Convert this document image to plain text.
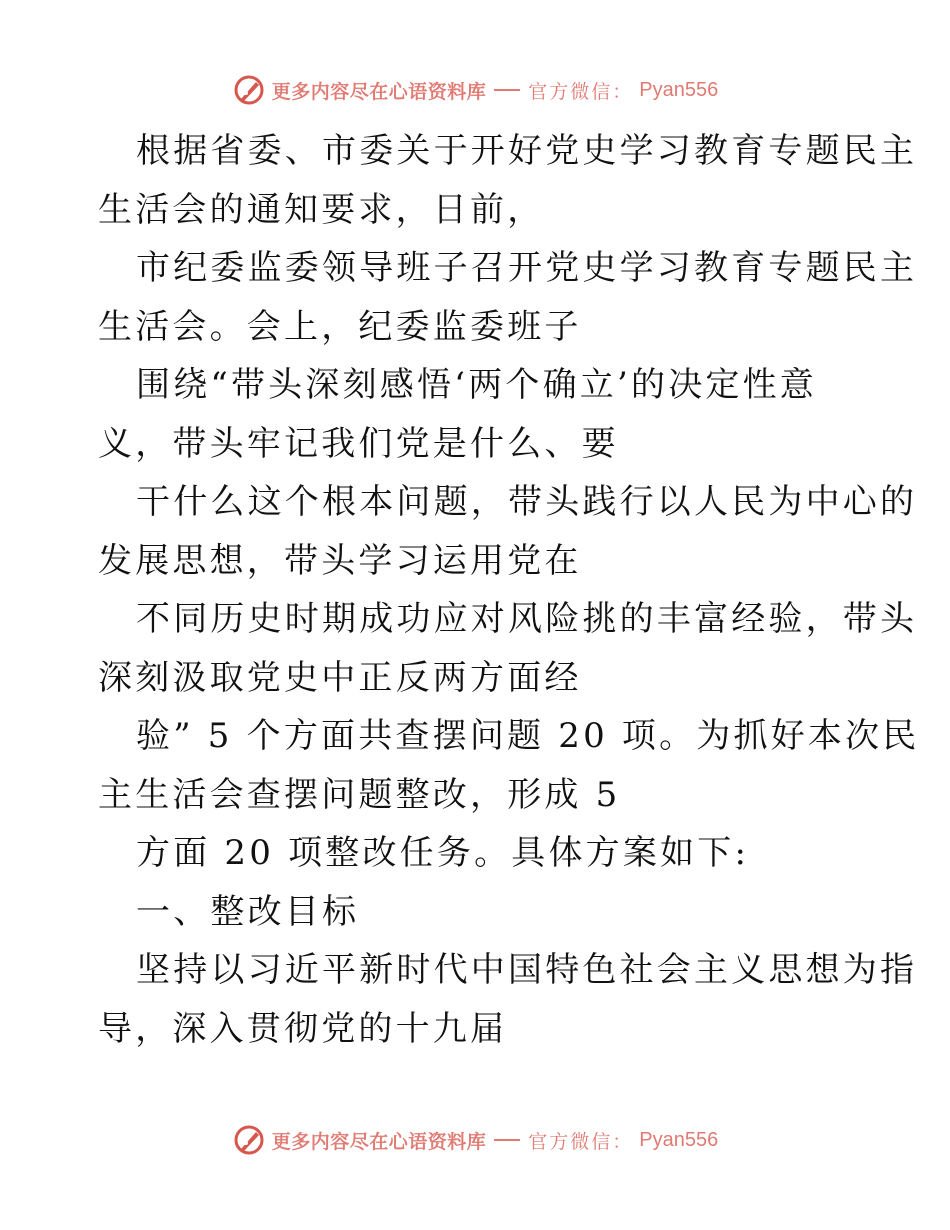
更多内容尽在心语资料库 官方微信： Pyan556
根据省委、市委关于开好党史学习教育专题民主
生活会的通知要求，日前，
市纪委监委领导班子召开党史学习教育专题民主
生活会。会上，纪委监委班子
围绕“带头深刻感悟‘两个确立’的决定性意
义，带头牢记我们党是什么、要
干什么这个根本问题，带头践行以人民为中心的
发展思想，带头学习运用党在
不同历史时期成功应对风险挑的丰富经验，带头
深刻汲取党史中正反两方面经
验” 5 个方面共查摆问题 20 项。为抓好本次民
主生活会查摆问题整改，形成 5
方面 20 项整改任务。具体方案如下:
一、整改目标
坚持以习近平新时代中国特色社会主义思想为指
导，深入贯彻党的十九届
更多内容尽在心语资料库 官方微信： Pyan556
